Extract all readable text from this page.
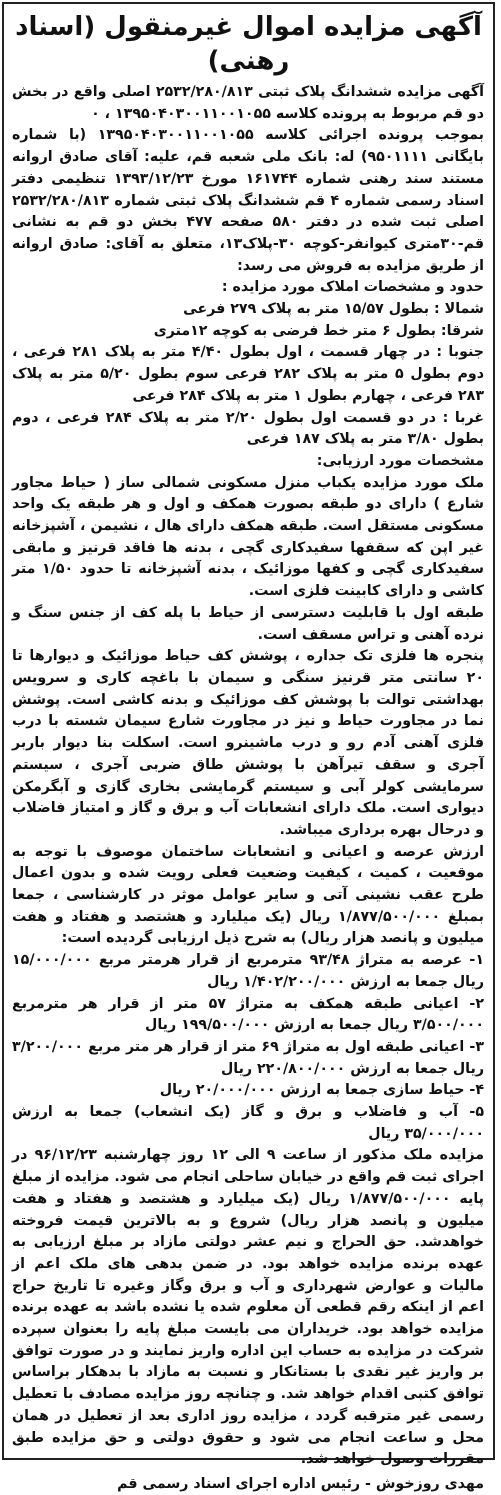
آگهی مزایده اموال غیرمنقول (اسناد رهنی)

آگهی مزایده ششدانگ پلاک ثبتی ۲۵۳۲/۲۸۰/۸۱۳ اصلی واقع در بخش دو قم مربوط به پرونده کلاسه ۱۳۹۵۰۴۰۳۰۰۱۱۰۰۱۰۵۵ ، ۰

بموجب پرونده اجرائی کلاسه ۱۳۹۵۰۴۰۳۰۰۱۱۰۰۱۰۵۵ (با شماره بایگانی ۹۵۰۱۱۱۱) له: بانک ملی شعبه قم، علیه: آقای صادق اروانه مستند سند رهنی شماره ۱۶۱۷۴۴ مورخ ۱۳۹۳/۱۲/۲۳ تنظیمی دفتر اسناد رسمی شماره ۴ قم ششدانگ پلاک ثبتی شماره ۲۵۳۲/۲۸۰/۸۱۳ اصلی ثبت شده در دفتر ۵۸۰ صفحه ۴۷۷ بخش دو قم به نشانی قم-۳۰متری کیوانفر-کوچه ۳۰-پلاک۱۳، متعلق به آقای: صادق اروانه از طریق مزایده به فروش می رسد:

حدود و مشخصات املاک مورد مزایده :

شمالا : بطول ۱۵/۵۷ متر به پلاک ۲۷۹ فرعی

شرقا: بطول ۶ متر خط فرضی به کوچه ۱۲متری

جنوبا : در چهار قسمت ، اول بطول ۴/۴۰ متر به پلاک ۲۸۱ فرعی ، دوم بطول ۵ متر به پلاک ۲۸۲ فرعی سوم بطول ۵/۲۰ متر به پلاک ۲۸۳ فرعی ، چهارم بطول ۱ متر به پلاک ۲۸۴ فرعی

غربا : در دو قسمت اول بطول ۲/۲۰ متر به پلاک ۲۸۴ فرعی ، دوم بطول ۳/۸۰ متر به پلاک ۱۸۷ فرعی

مشخصات مورد ارزیابی:

ملک مورد مزایده یکباب منزل مسکونی شمالی ساز ( حیاط مجاور شارع ) دارای دو طبقه بصورت همکف و اول و هر طبقه یک واحد مسکونی مستقل است. طبقه همکف دارای هال ، نشیمن ، آشپزخانه غیر اپن که سقفها سفیدکاری گچی ، بدنه ها فاقد قرنیز و مابقی سفیدکاری گچی و کفها موزائیک ، بدنه آشپزخانه تا حدود ۱/۵۰ متر کاشی و دارای کابینت فلزی است.

طبقه اول با قابلیت دسترسی از حیاط با پله کف از جنس سنگ و نرده آهنی و تراس مسقف است.

پنجره ها فلزی تک جداره ، پوشش کف حیاط موزائیک و دیوارها تا ۲۰ سانتی متر قرنیز سنگی و سیمان با باغچه کاری و سرویس بهداشتی توالت با پوشش کف موزائیک و بدنه کاشی است. پوشش نما در مجاورت حیاط و نیز در مجاورت شارع سیمان شسته با درب فلزی آهنی آدم رو و درب ماشینرو است. اسکلت بنا دیوار باربر آجری و سقف تیرآهن با پوشش طاق ضربی آجری ، سیستم سرمایشی کولر آبی و سیستم گرمایشی بخاری گازی و آبگرمکن دیواری است. ملک دارای انشعابات آب و برق و گاز و امتیاز فاضلاب و درحال بهره برداری میباشد.

ارزش عرصه و اعیانی و انشعابات ساختمان موصوف با توجه به موقعیت ، کمیت ، کیفیت وضعیت فعلی رویت شده و بدون اعمال طرح عقب نشینی آتی و سایر عوامل موثر در کارشناسی ، جمعا بمبلغ ۱/۸۷۷/۵۰۰/۰۰۰ ریال (یک میلیارد و هشتصد و هفتاد و هفت میلیون و پانصد هزار ریال) به شرح ذیل ارزیابی گردیده است:

۱- عرصه به متراژ ۹۳/۴۸ مترمربع از قرار هرمتر مربع ۱۵/۰۰۰/۰۰۰ ریال جمعا به ارزش ۱/۴۰۲/۲۰۰/۰۰۰ ریال

۲- اعیانی طبقه همکف به متراژ ۵۷ متر از قرار هر مترمربع ۳/۵۰۰/۰۰۰ ریال جمعا به ارزش ۱۹۹/۵۰۰/۰۰۰ ریال

۳- اعیانی طبقه اول به متراژ ۶۹ متر از قرار هر متر مربع ۳/۲۰۰/۰۰۰ ریال جمعا به ارزش ۲۲۰/۸۰۰/۰۰۰ ریال

۴- حیاط سازی جمعا به ارزش ۲۰/۰۰۰/۰۰۰ ریال

۵- آب و فاضلاب و برق و گاز (یک انشعاب) جمعا به ارزش ۳۵/۰۰۰/۰۰۰ ریال

مزایده ملک مذکور از ساعت ۹ الی ۱۲ روز چهارشنبه ۹۶/۱۲/۲۳ در اجرای ثبت قم واقع در خیابان ساحلی انجام می شود. مزایده از مبلغ پایه ۱/۸۷۷/۵۰۰/۰۰۰ ریال (یک میلیارد و هشتصد و هفتاد و هفت میلیون و پانصد هزار ریال) شروع و به بالاترین قیمت فروخته خواهدشد. حق الحراج و نیم عشر دولتی مازاد بر مبلغ ارزیابی به عهده برنده مزایده خواهد بود. در ضمن بدهی های ملک اعم از مالیات و عوارض شهرداری و آب و برق وگاز وغیره تا تاریخ حراج اعم از اینکه رقم قطعی آن معلوم شده یا نشده باشد به عهده برنده مزایده خواهد بود. خریداران می بایست مبلغ پایه را بعنوان سپرده شرکت در مزایده به حساب این اداره واریز نمایند و در صورت توافق بر واریز غیر نقدی با بستانکار و نسبت به مازاد با بدهکار براساس توافق کتبی اقدام خواهد شد. و چنانچه روز مزایده مصادف با تعطیل رسمی غیر مترقبه گردد ، مزایده روز اداری بعد از تعطیل در همان محل و ساعت انجام می شود و حقوق دولتی و حق مزایده طبق مقررات وصول خواهد شد.

مهدی روزخوش - رئیس اداره اجرای اسناد رسمی قم
